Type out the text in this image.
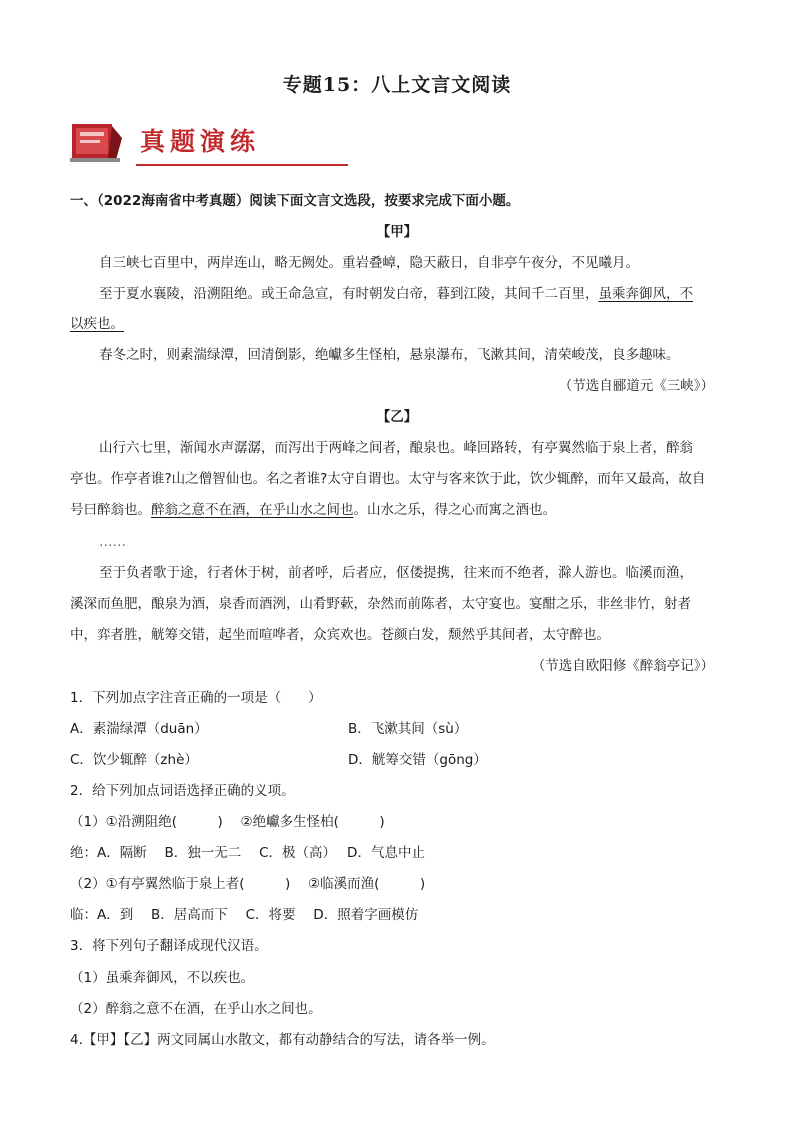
专题15：八上文言文阅读
真题演练
一、（2022海南省中考真题）阅读下面文言文选段，按要求完成下面小题。
【甲】
自三峡七百里中，两岸连山，略无阙处。重岩叠嶂，隐天蔽日，自非亭午夜分，不见曦月。
至于夏水襄陵，沿溯阻绝。或王命急宣，有时朝发白帝，暮到江陵，其间千二百里，虽乘奔御风，不
以疾也。
春冬之时，则素湍绿潭，回清倒影，绝巘多生怪柏，悬泉瀑布，飞漱其间，清荣峻茂，良多趣味。
（节选自郦道元《三峡》）
【乙】
山行六七里，渐闻水声潺潺，而泻出于两峰之间者，酿泉也。峰回路转，有亭翼然临于泉上者，醉翁
亭也。作亭者谁?山之僧智仙也。名之者谁?太守自谓也。太守与客来饮于此，饮少辄醉，而年又最高，故自
号曰醉翁也。醉翁之意不在酒，在乎山水之间也。山水之乐，得之心而寓之酒也。
……
至于负者歌于途，行者休于树，前者呼，后者应，伛偻提携，往来而不绝者，滁人游也。临溪而渔，
溪深而鱼肥，酿泉为酒，泉香而酒洌，山肴野蔌，杂然而前陈者，太守宴也。宴酣之乐，非丝非竹，射者
中，弈者胜，觥筹交错，起坐而喧哗者，众宾欢也。苍颜白发，颓然乎其间者，太守醉也。
（节选自欧阳修《醉翁亭记》）
1．下列加点字注音正确的一项是（　　）
A．素湍绿潭（duān）	B．飞漱其间（sù）
C．饮少辄醉（zhè）	D．觥筹交错（gōng）
2．给下列加点词语选择正确的义项。
（1）①沿溯阻绝(　　　)　 ②绝巘多生怪柏(　　　)
绝：A．隔断　 B．独一无二　 C．极（高）　 D．气息中止
（2）①有亭翼然临于泉上者(　　　)　 ②临溪而渔(　　　)
临：A．到　 B．居高而下　 C．将要　 D．照着字画模仿
3．将下列句子翻译成现代汉语。
（1）虽乘奔御风，不以疾也。
（2）醉翁之意不在酒，在乎山水之间也。
4.【甲】【乙】两文同属山水散文，都有动静结合的写法，请各举一例。
